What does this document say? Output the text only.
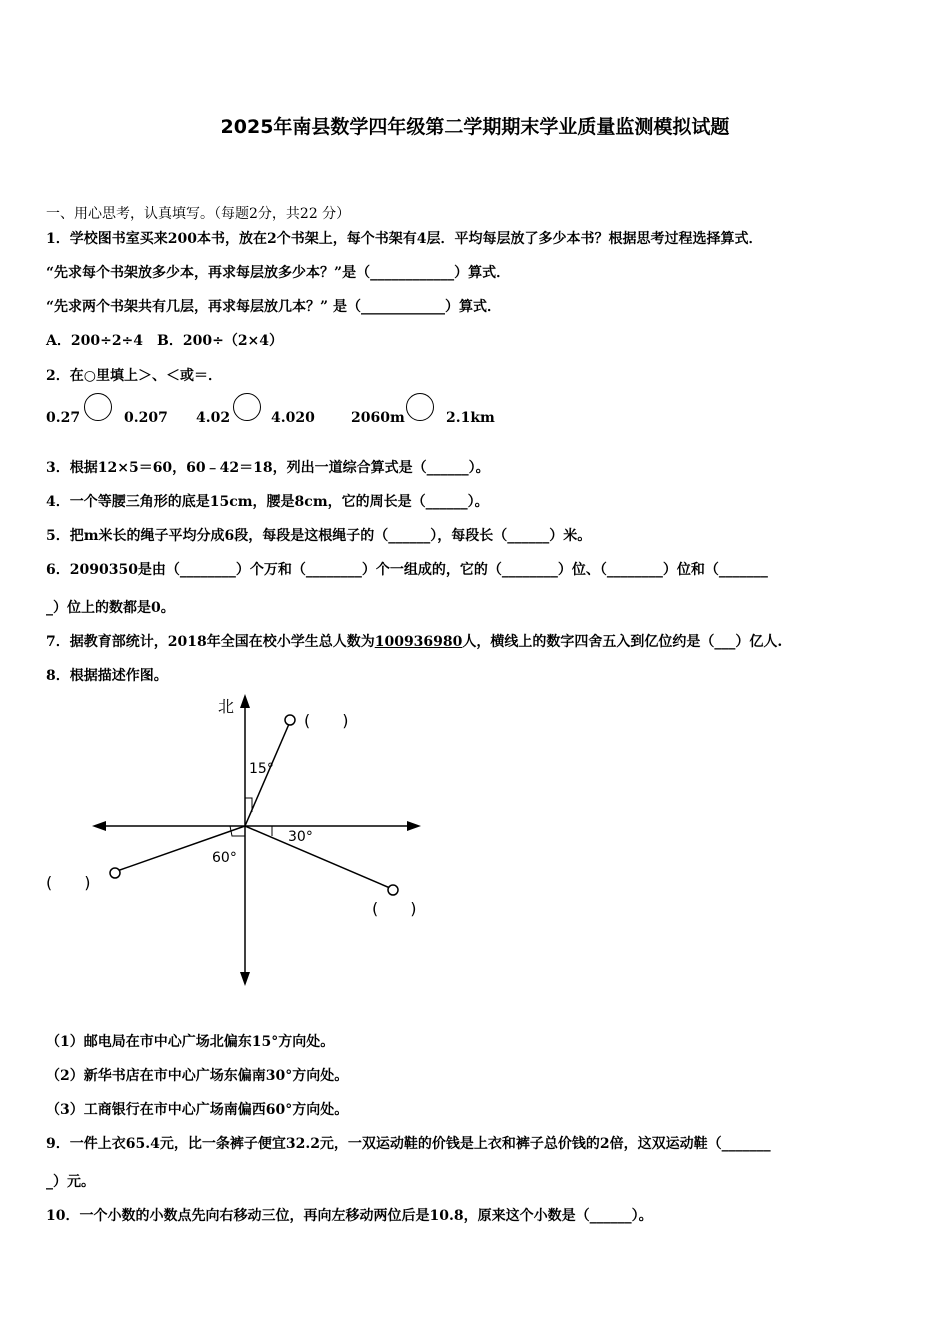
2025年南县数学四年级第二学期期末学业质量监测模拟试题
一、用心思考，认真填写。（每题2分，共22 分）
1．学校图书室买来200本书，放在2个书架上，每个书架有4层．平均每层放了多少本书？根据思考过程选择算式．
“先求每个书架放多少本，再求每层放多少本？”是（____________）算式．
“先求两个书架共有几层，再求每层放几本？” 是（____________）算式．
A．200÷2÷4　B．200÷（2×4）
2．在○里填上＞、＜或＝．
0.27	0.207 4.02	4.020	2060m	2.1km
3．根据12×5＝60，60﹣42＝18，列出一道综合算式是（______）。
4．一个等腰三角形的底是15cm，腰是8cm，它的周长是（______）。
5．把m米长的绳子平均分成6段，每段是这根绳子的（______），每段长（______）米。
6．2090350是由（________）个万和（________）个一组成的，它的（________）位、（________）位和（_______
_）位上的数都是0。
7．据教育部统计，2018年全国在校小学生总人数为100936980人，横线上的数字四舍五入到亿位约是（___）亿人.
8．根据描述作图。
北
15°
30°
60°
(　　)
(　　)
(　　)
（1）邮电局在市中心广场北偏东15°方向处。
（2）新华书店在市中心广场东偏南30°方向处。
（3）工商银行在市中心广场南偏西60°方向处。
9．一件上衣65.4元，比一条裤子便宜32.2元，一双运动鞋的价钱是上衣和裤子总价钱的2倍，这双运动鞋（_______
_）元。
10．一个小数的小数点先向右移动三位，再向左移动两位后是10.8，原来这个小数是（______）。
